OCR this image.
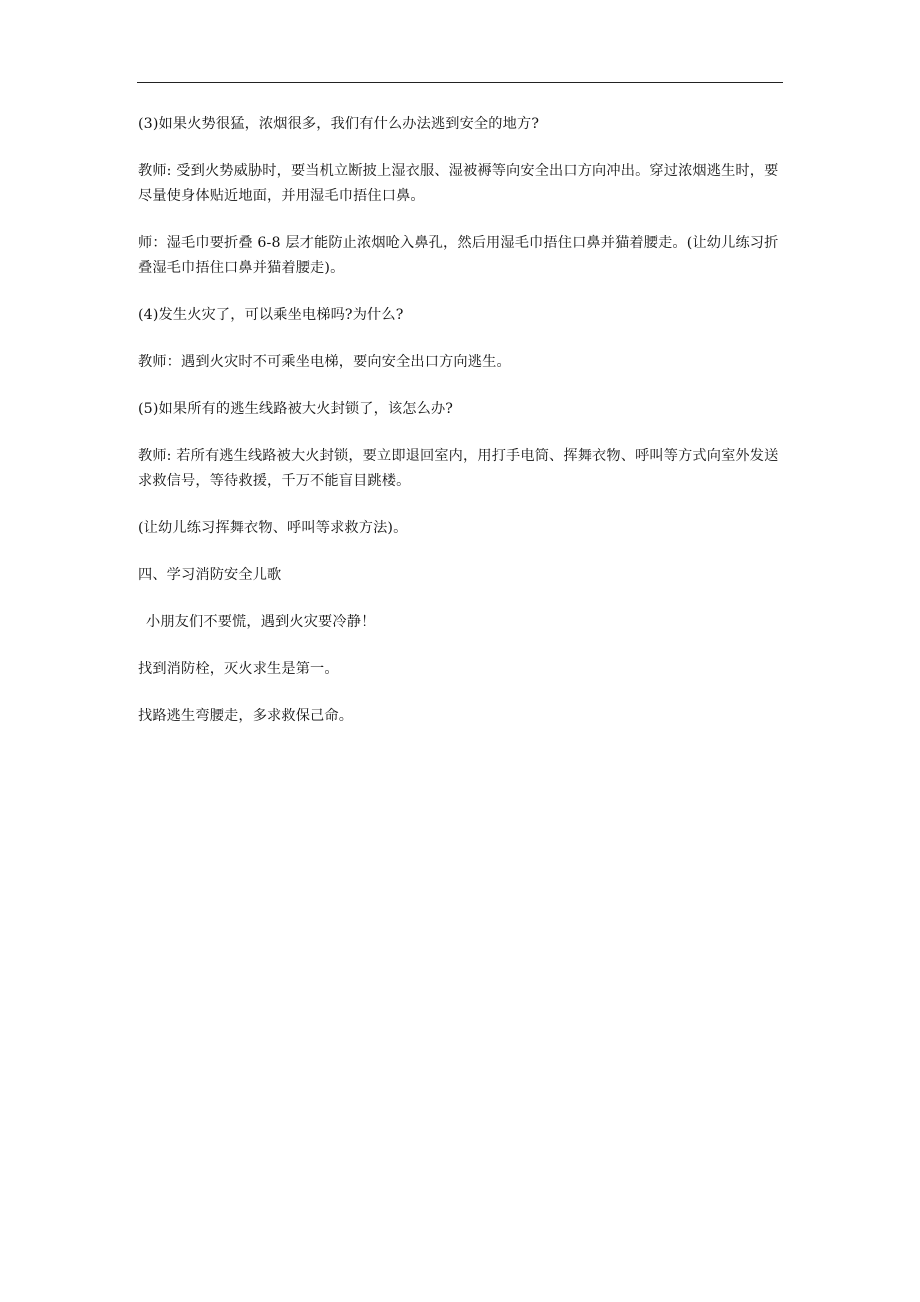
(3)如果火势很猛，浓烟很多，我们有什么办法逃到安全的地方?

教师: 受到火势威胁时，要当机立断披上湿衣服、湿被褥等向安全出口方向冲出。穿过浓烟逃生时，要尽量使身体贴近地面，并用湿毛巾捂住口鼻。

师：湿毛巾要折叠 6-8 层才能防止浓烟呛入鼻孔，然后用湿毛巾捂住口鼻并猫着腰走。(让幼儿练习折叠湿毛巾捂住口鼻并猫着腰走)。

(4)发生火灾了，可以乘坐电梯吗?为什么?

教师：遇到火灾时不可乘坐电梯，要向安全出口方向逃生。

(5)如果所有的逃生线路被大火封锁了，该怎么办?

教师: 若所有逃生线路被大火封锁，要立即退回室内，用打手电筒、挥舞衣物、呼叫等方式向室外发送求救信号，等待救援，千万不能盲目跳楼。

(让幼儿练习挥舞衣物、呼叫等求救方法)。

四、学习消防安全儿歌

小朋友们不要慌，遇到火灾要冷静！

找到消防栓，灭火求生是第一。

找路逃生弯腰走，多求救保己命。
